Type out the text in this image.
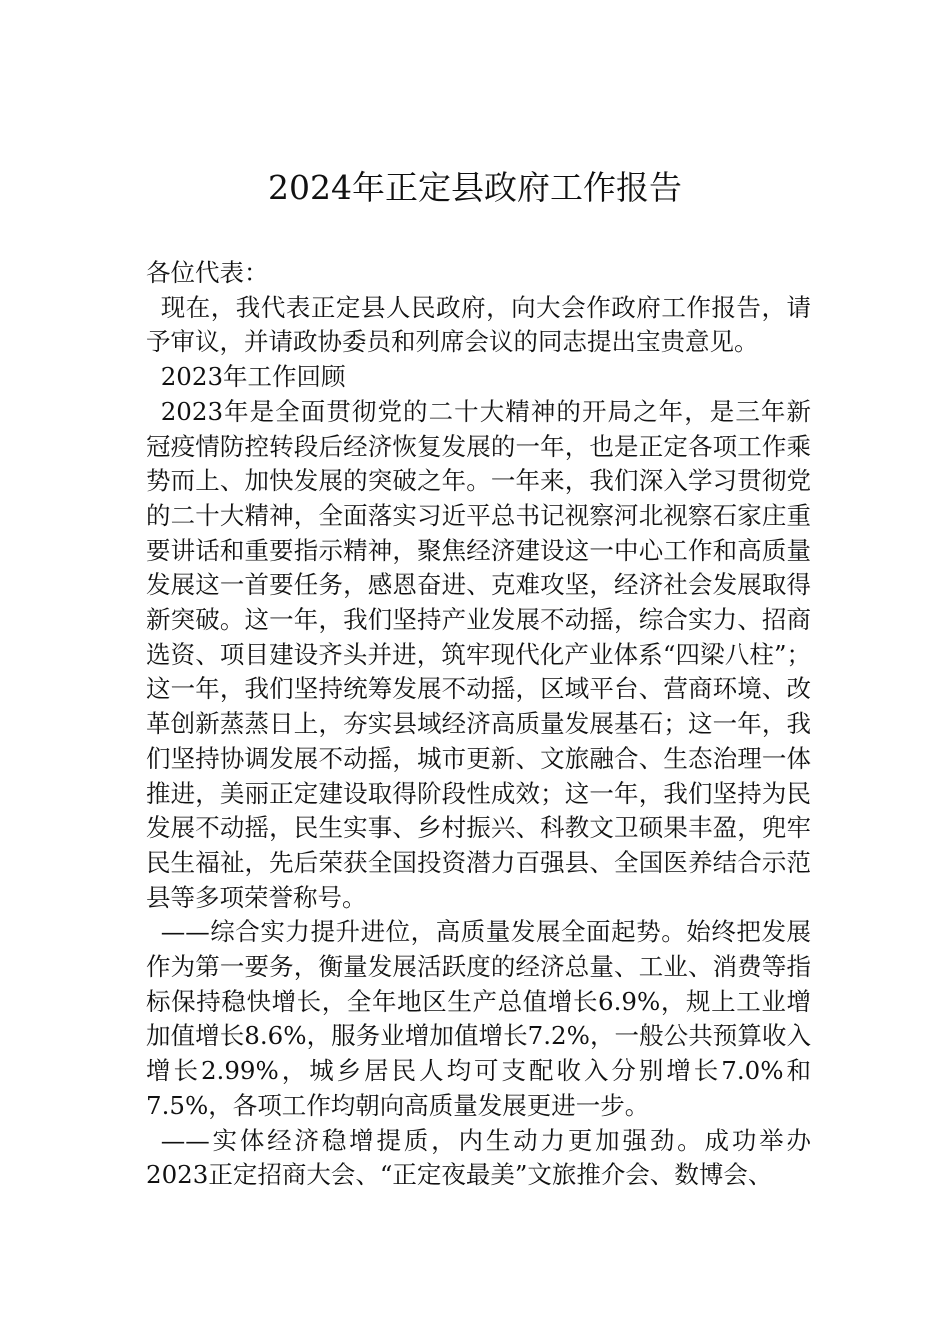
2024年正定县政府工作报告

各位代表：

现在，我代表正定县人民政府，向大会作政府工作报告，请予审议，并请政协委员和列席会议的同志提出宝贵意见。

2023年工作回顾

2023年是全面贯彻党的二十大精神的开局之年，是三年新冠疫情防控转段后经济恢复发展的一年，也是正定各项工作乘势而上、加快发展的突破之年。一年来，我们深入学习贯彻党的二十大精神，全面落实习近平总书记视察河北视察石家庄重要讲话和重要指示精神，聚焦经济建设这一中心工作和高质量发展这一首要任务，感恩奋进、克难攻坚，经济社会发展取得新突破。这一年，我们坚持产业发展不动摇，综合实力、招商选资、项目建设齐头并进，筑牢现代化产业体系“四梁八柱”；这一年，我们坚持统筹发展不动摇，区域平台、营商环境、改革创新蒸蒸日上，夯实县域经济高质量发展基石；这一年，我们坚持协调发展不动摇，城市更新、文旅融合、生态治理一体推进，美丽正定建设取得阶段性成效；这一年，我们坚持为民发展不动摇，民生实事、乡村振兴、科教文卫硕果丰盈，兜牢民生福祉，先后荣获全国投资潜力百强县、全国医养结合示范县等多项荣誉称号。

——综合实力提升进位，高质量发展全面起势。始终把发展作为第一要务，衡量发展活跃度的经济总量、工业、消费等指标保持稳快增长，全年地区生产总值增长6.9%，规上工业增加值增长8.6%，服务业增加值增长7.2%，一般公共预算收入增长2.99%，城乡居民人均可支配收入分别增长7.0%和7.5%，各项工作均朝向高质量发展更进一步。

——实体经济稳增提质，内生动力更加强劲。成功举办2023正定招商大会、“正定夜最美”文旅推介会、数博会、
